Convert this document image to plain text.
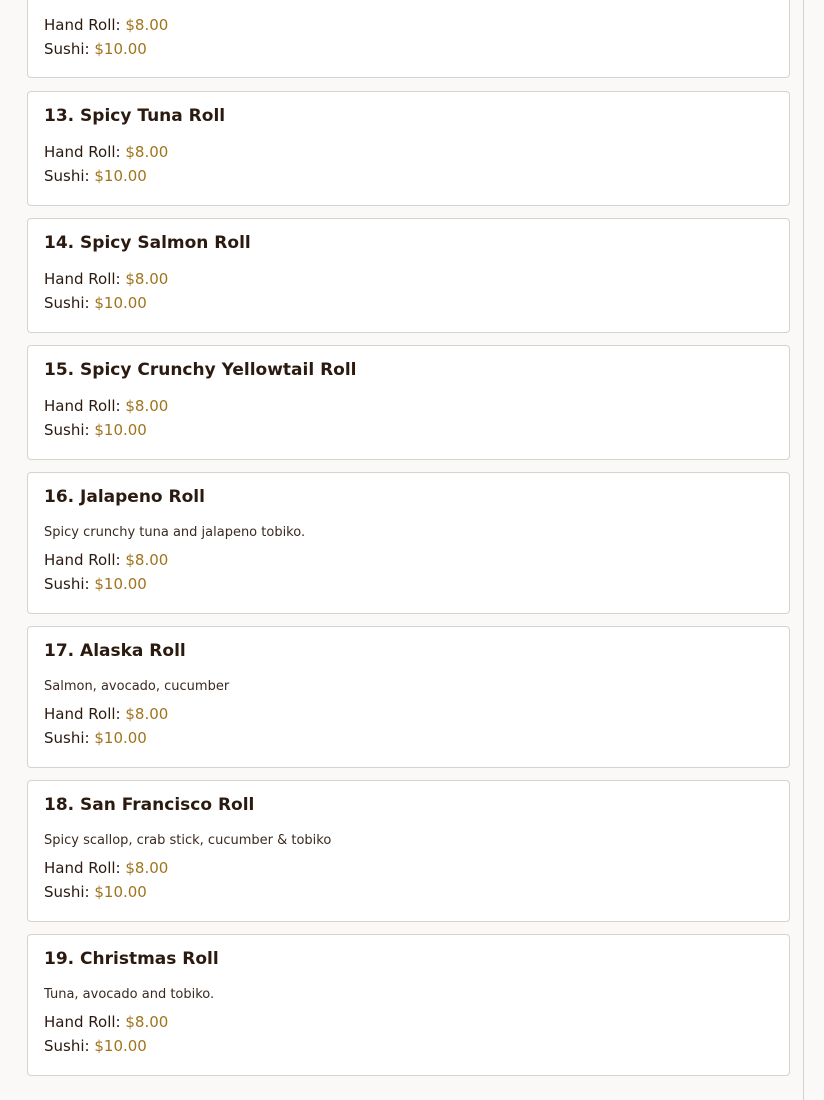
Hand Roll: $8.00
Sushi: $10.00
13. Spicy Tuna Roll
Hand Roll: $8.00
Sushi: $10.00
14. Spicy Salmon Roll
Hand Roll: $8.00
Sushi: $10.00
15. Spicy Crunchy Yellowtail Roll
Hand Roll: $8.00
Sushi: $10.00
16. Jalapeno Roll
Spicy crunchy tuna and jalapeno tobiko.
Hand Roll: $8.00
Sushi: $10.00
17. Alaska Roll
Salmon, avocado, cucumber
Hand Roll: $8.00
Sushi: $10.00
18. San Francisco Roll
Spicy scallop, crab stick, cucumber & tobiko
Hand Roll: $8.00
Sushi: $10.00
19. Christmas Roll
Tuna, avocado and tobiko.
Hand Roll: $8.00
Sushi: $10.00
